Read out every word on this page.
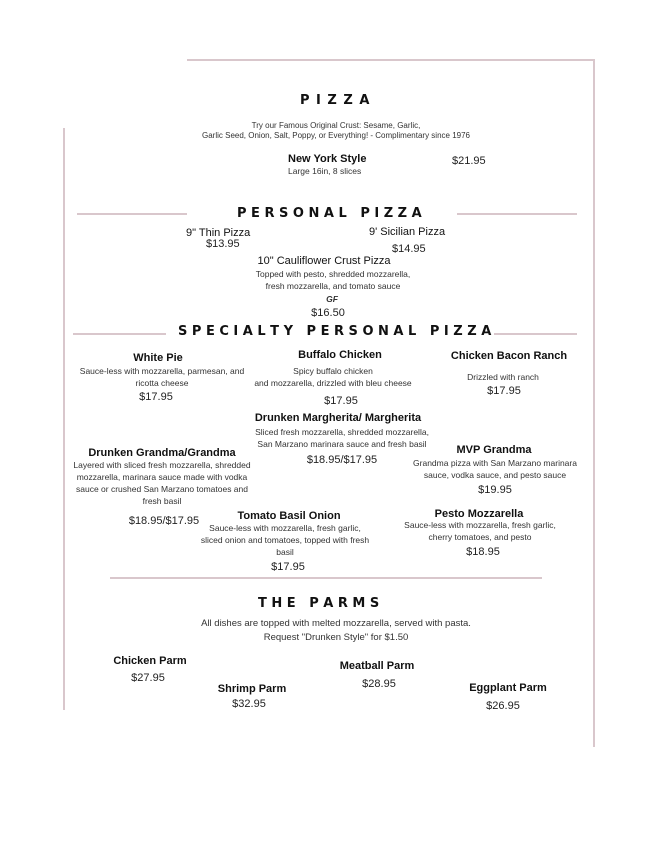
P I Z Z A
Try our Famous Original Crust: Sesame, Garlic,
Garlic Seed, Onion, Salt, Poppy, or Everything! - Complimentary since 1976
New York Style
Large 16in, 8 slices
$21.95
P E R S O N A L   P I Z Z A
9" Thin Pizza
$13.95
9' Sicilian Pizza
$14.95
10" Cauliflower Crust Pizza
Topped with pesto, shredded mozzarella,
fresh mozzarella, and tomato sauce
GF
$16.50
S P E C I A L T Y   P E R S O N A L   P I Z Z A
White Pie
Sauce-less with mozzarella, parmesan, and
ricotta cheese
$17.95
Buffalo Chicken
Spicy buffalo chicken
and mozzarella, drizzled with bleu cheese
$17.95
Chicken Bacon Ranch
Drizzled with ranch
$17.95
Drunken Margherita/ Margherita
Sliced fresh mozzarella, shredded mozzarella,
San Marzano marinara sauce and fresh basil
$18.95/$17.95
Drunken Grandma/Grandma
Layered with sliced fresh mozzarella, shredded
mozzarella, marinara sauce made with vodka
sauce or crushed San Marzano tomatoes and
fresh basil
$18.95/$17.95
MVP Grandma
Grandma pizza with San Marzano marinara
sauce, vodka sauce, and pesto sauce
$19.95
Tomato Basil Onion
Sauce-less with mozzarella, fresh garlic,
sliced onion and tomatoes, topped with fresh
basil
$17.95
Pesto Mozzarella
Sauce-less with mozzarella, fresh garlic,
cherry tomatoes, and pesto
$18.95
T H E   P A R M S
All dishes are topped with melted mozzarella, served with pasta.
Request "Drunken Style" for $1.50
Chicken Parm
$27.95
Shrimp Parm
$32.95
Meatball Parm
$28.95	Eggplant Parm
$26.95
